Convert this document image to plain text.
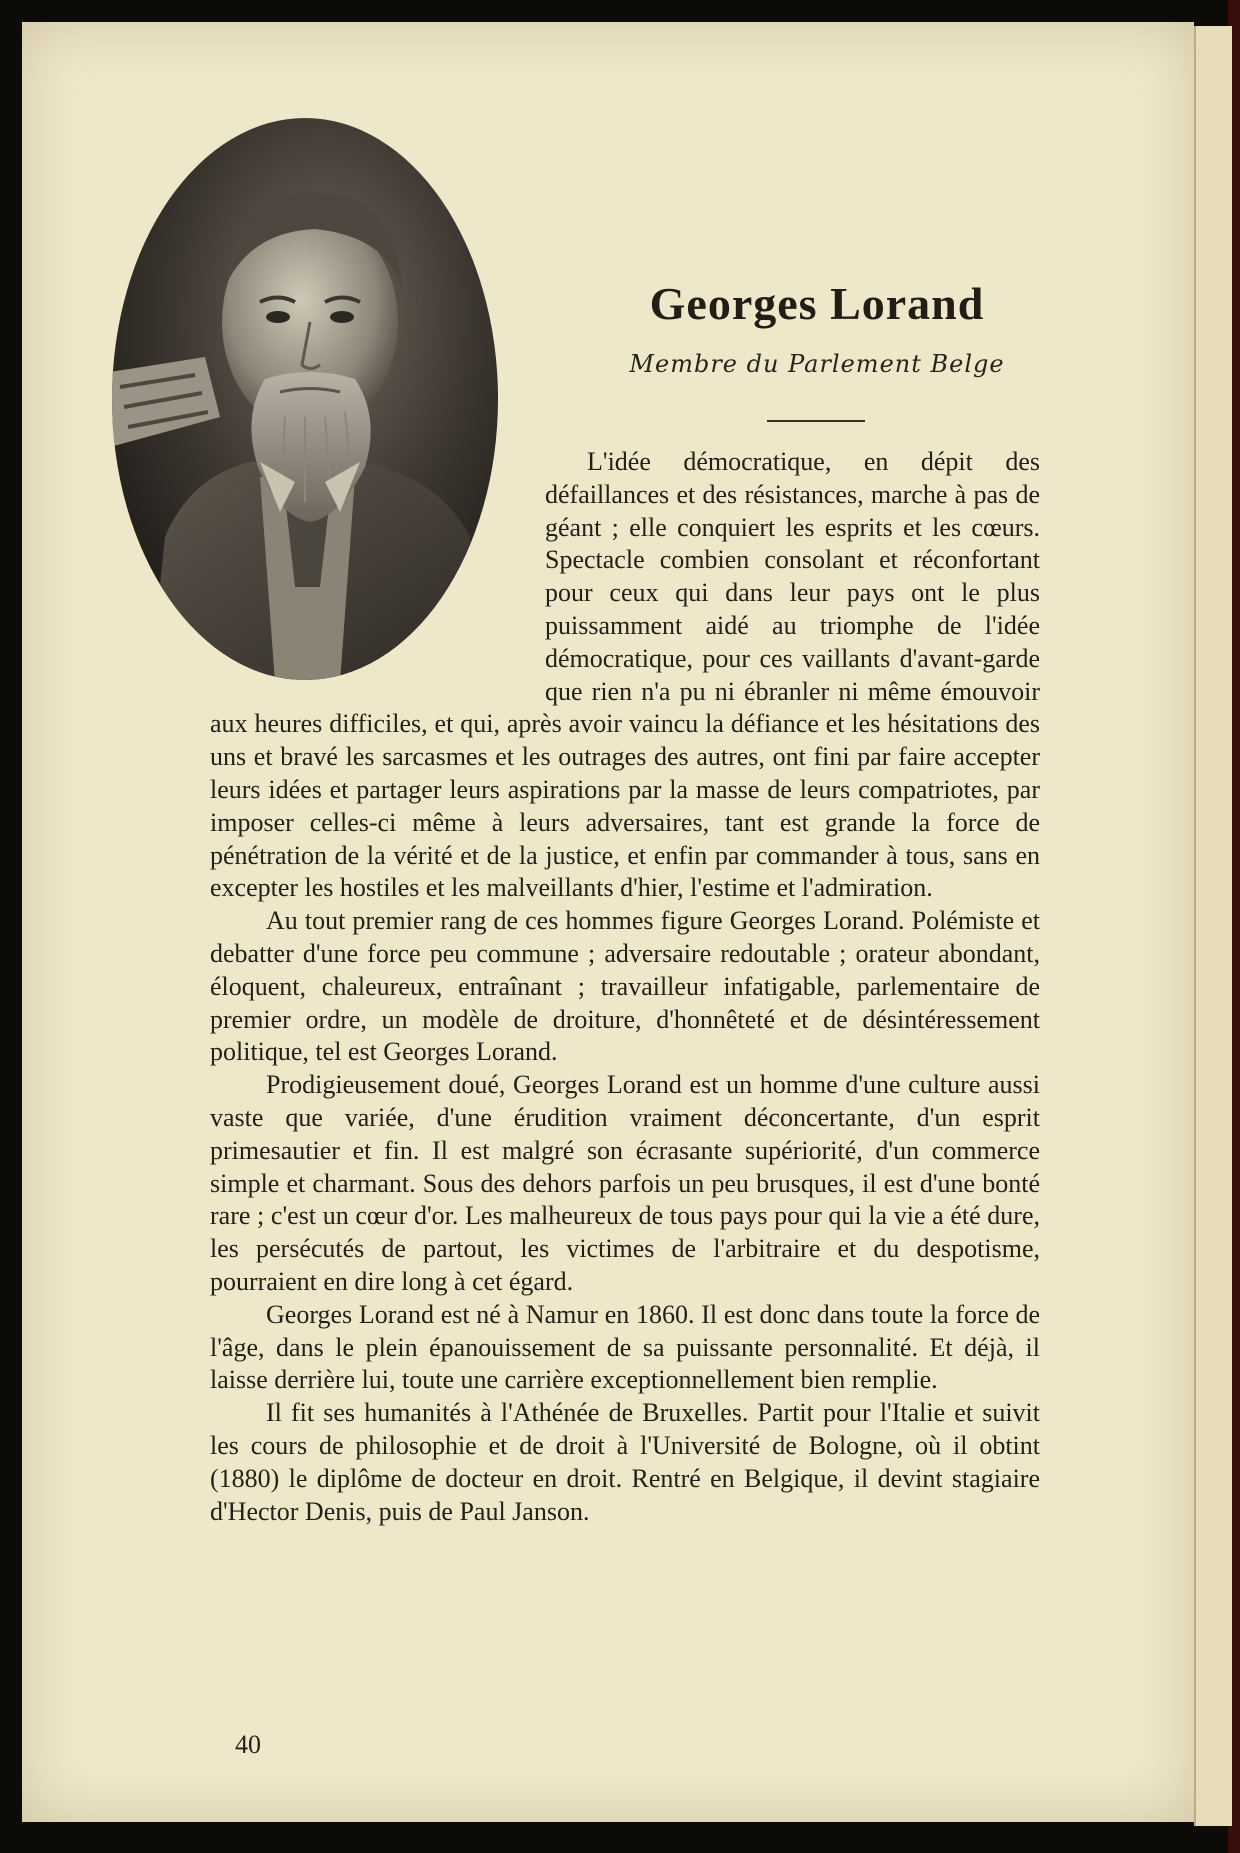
Georges Lorand

Membre du Parlement Belge

L'idée démocratique, en dépit des défaillances et des résistances, marche à pas de géant ; elle conquiert les esprits et les cœurs. Spectacle combien consolant et réconfortant pour ceux qui dans leur pays ont le plus puissamment aidé au triomphe de l'idée démocratique, pour ces vaillants d'avant-garde que rien n'a pu ni ébranler ni même émouvoir aux heures difficiles, et qui, après avoir vaincu la défiance et les hésitations des uns et bravé les sarcasmes et les outrages des autres, ont fini par faire accepter leurs idées et partager leurs aspirations par la masse de leurs compatriotes, par imposer celles-ci même à leurs adversaires, tant est grande la force de pénétration de la vérité et de la justice, et enfin par commander à tous, sans en excepter les hostiles et les malveillants d'hier, l'estime et l'admiration.

Au tout premier rang de ces hommes figure Georges Lorand. Polémiste et debatter d'une force peu commune ; adversaire redoutable ; orateur abondant, éloquent, chaleureux, entraînant ; travailleur infatigable, parlementaire de premier ordre, un modèle de droiture, d'honnêteté et de désintéressement politique, tel est Georges Lorand.

Prodigieusement doué, Georges Lorand est un homme d'une culture aussi vaste que variée, d'une érudition vraiment déconcertante, d'un esprit primesautier et fin. Il est malgré son écrasante supériorité, d'un commerce simple et charmant. Sous des dehors parfois un peu brusques, il est d'une bonté rare ; c'est un cœur d'or. Les malheureux de tous pays pour qui la vie a été dure, les persécutés de partout, les victimes de l'arbitraire et du despotisme, pourraient en dire long à cet égard.

Georges Lorand est né à Namur en 1860. Il est donc dans toute la force de l'âge, dans le plein épanouissement de sa puissante personnalité. Et déjà, il laisse derrière lui, toute une carrière exceptionnellement bien remplie.

Il fit ses humanités à l'Athénée de Bruxelles. Partit pour l'Italie et suivit les cours de philosophie et de droit à l'Université de Bologne, où il obtint (1880) le diplôme de docteur en droit. Rentré en Belgique, il devint stagiaire d'Hector Denis, puis de Paul Janson.

40
